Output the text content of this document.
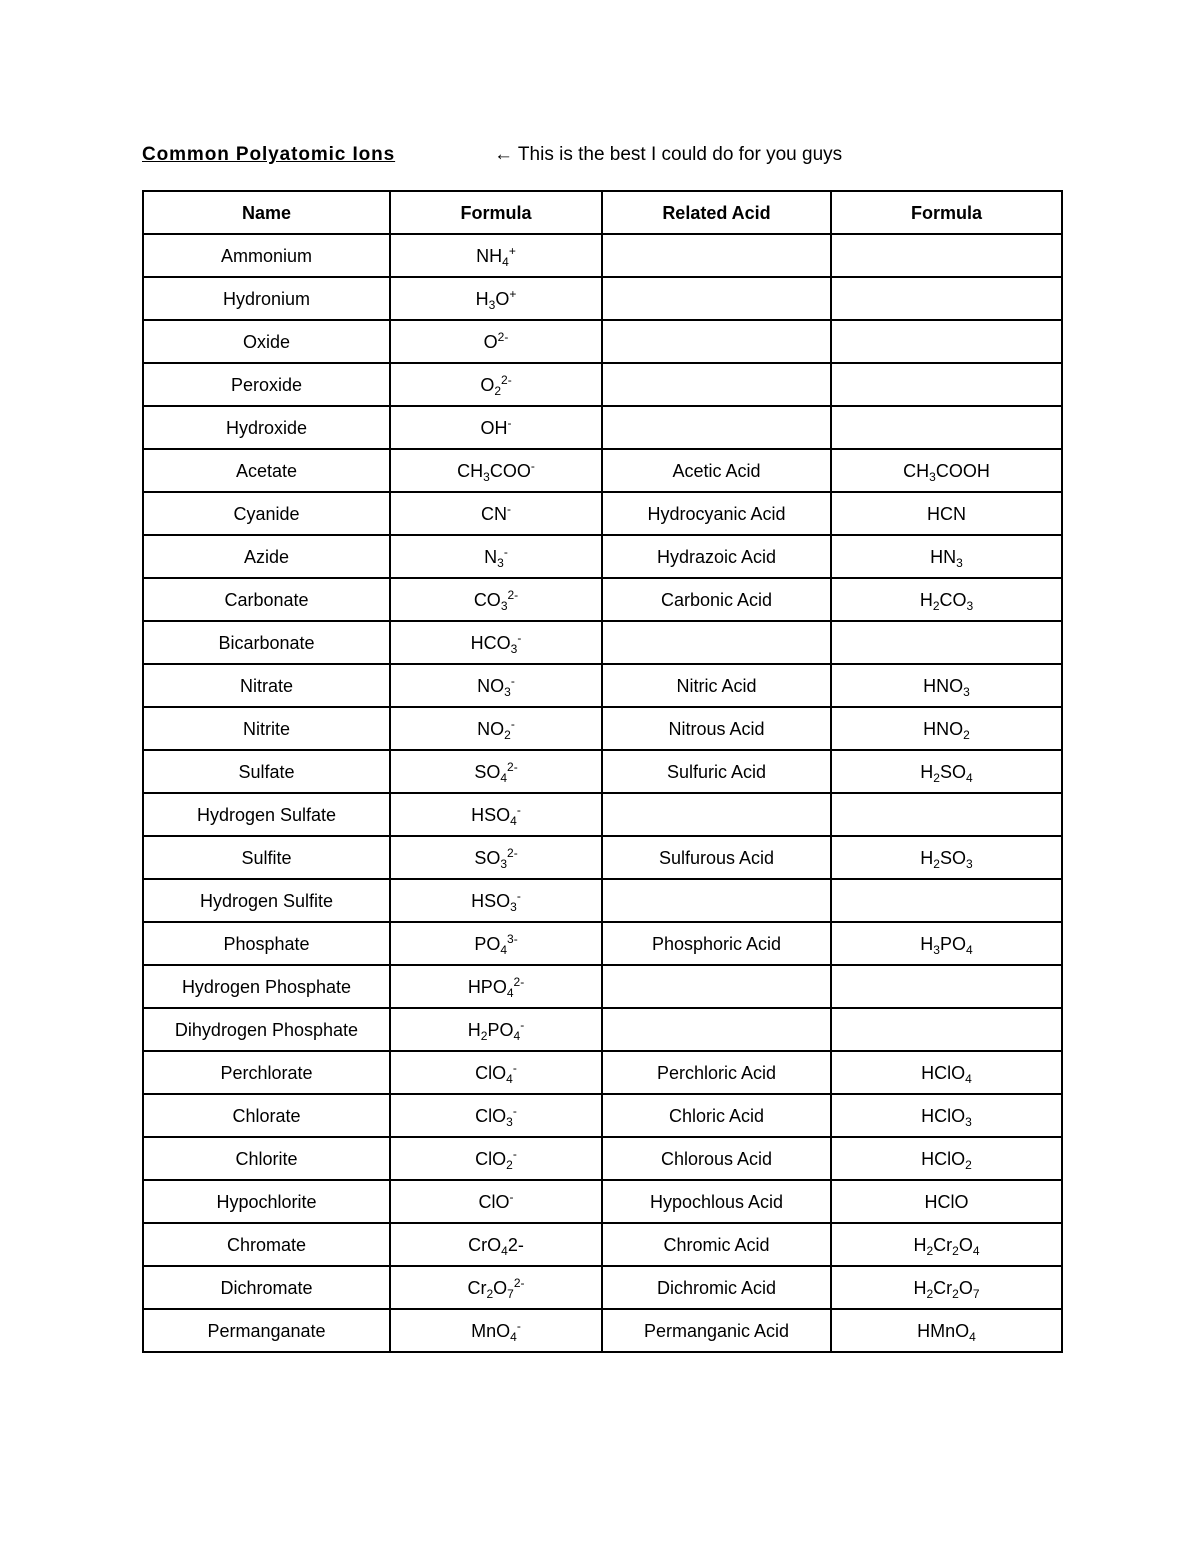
Common Polyatomic Ions	← This is the best I could do for you guys
Name	Formula	Related Acid	Formula
Ammonium	$NH_4^+$		
Hydronium	$H_3O^+$		
Oxide	$O^{2-}$		
Peroxide	$O_2^{2-}$		
Hydroxide	OH-		
Acetate	$CH_3COO^-$	Acetic Acid	$CH_3COOH$
Cyanide	CN-	Hydrocyanic Acid	HCN
Azide	$N_3^-$	Hydrazoic Acid	$HN_3$
Carbonate	$CO_3^{2-}$	Carbonic Acid	$H_2CO_3$
Bicarbonate	$HCO_3^-$		
Nitrate	$NO_3^-$	Nitric Acid	$HNO_3$
Nitrite	$NO_2^-$	Nitrous Acid	$HNO_2$
Sulfate	$SO_4^{2-}$	Sulfuric Acid	$H_2SO_4$
Hydrogen Sulfate	$HSO_4^-$		
Sulfite	$SO_3^{2-}$	Sulfurous Acid	$H_2SO_3$
Hydrogen Sulfite	$HSO_3^-$		
Phosphate	$PO_4^{3-}$	Phosphoric Acid	$H_3PO_4$
Hydrogen Phosphate	$HPO_4^{2-}$		
Dihydrogen Phosphate	$H_2PO_4^-$		
Perchlorate	ClO$_4$-	Perchloric Acid	HClO$_4$
Chlorate	ClO$_3$-	Chloric Acid	HClO$_3$
Chlorite	ClO$_2$-	Chlorous Acid	HClO$_2$
Hypochlorite	ClO-	Hypochlous Acid	HClO
Chromate	CrO$_4$2-	Chromic Acid	$H_2Cr_2O_4$
Dichromate	$Cr_2O_7^{2-}$	Dichromic Acid	$H_2Cr_2O_7$
Permanganate	MnO$_4$-	Permanganic Acid	HMnO$_4$
